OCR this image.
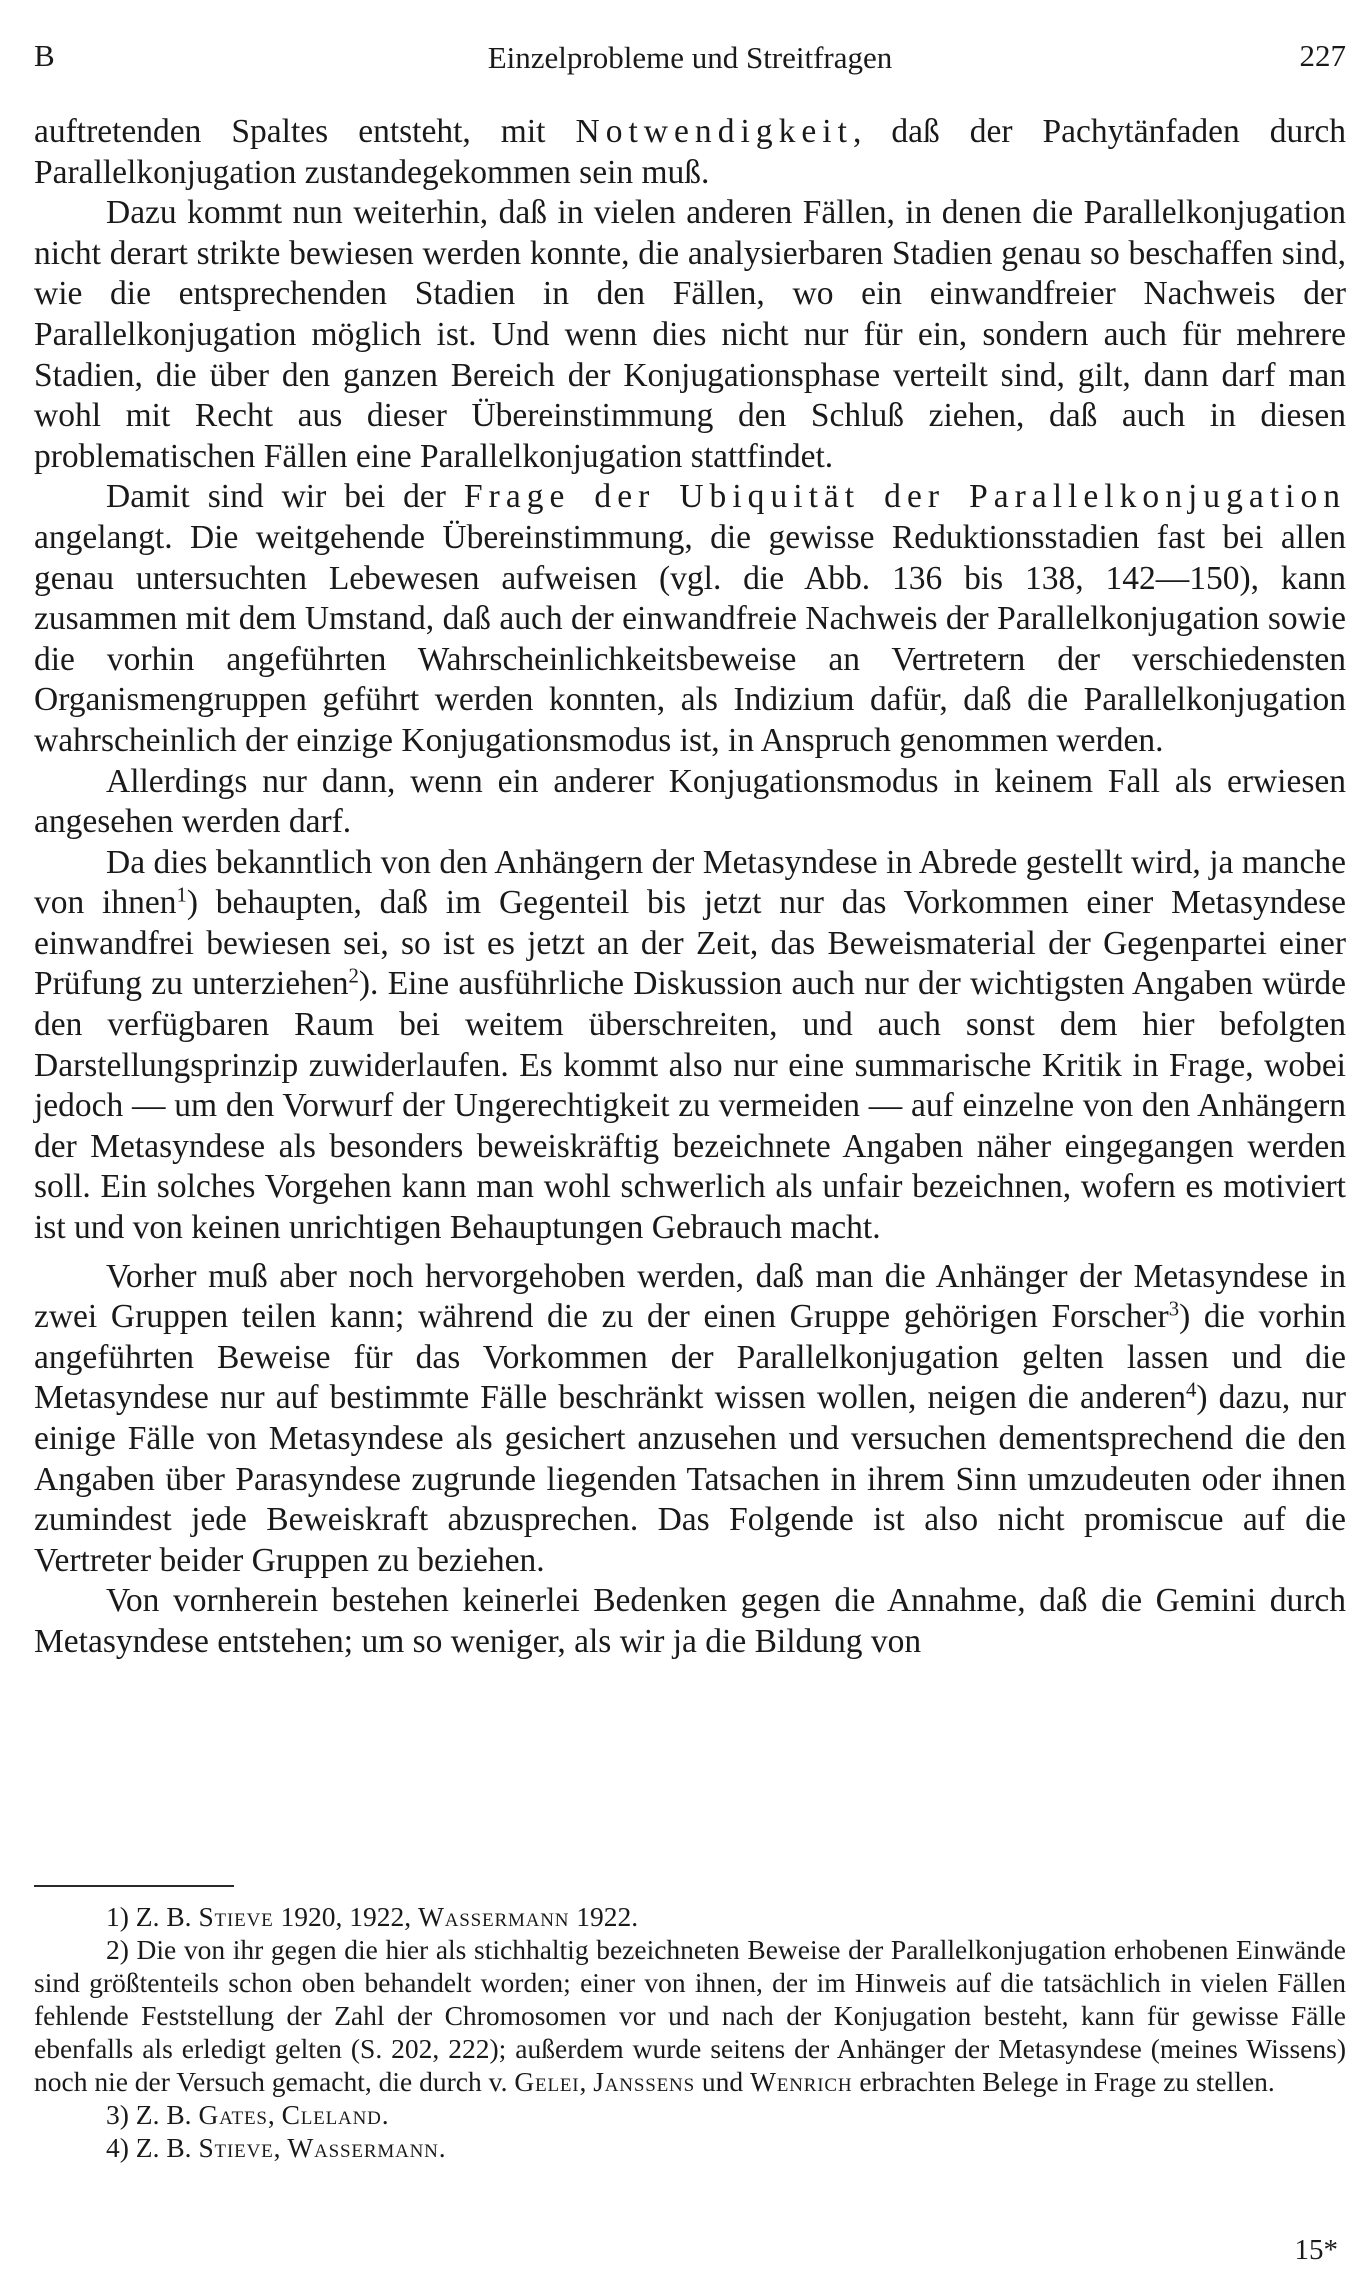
B	Einzelprobleme und Streitfragen	227

auftretenden Spaltes entsteht, mit Notwendigkeit, daß der Pachytänfaden durch Parallelkonjugation zustandegekommen sein muß.

Dazu kommt nun weiterhin, daß in vielen anderen Fällen, in denen die Parallelkonjugation nicht derart strikte bewiesen werden konnte, die analysierbaren Stadien genau so beschaffen sind, wie die entsprechenden Stadien in den Fällen, wo ein einwandfreier Nachweis der Parallelkonjugation möglich ist. Und wenn dies nicht nur für ein, sondern auch für mehrere Stadien, die über den ganzen Bereich der Konjugationsphase verteilt sind, gilt, dann darf man wohl mit Recht aus dieser Übereinstimmung den Schluß ziehen, daß auch in diesen problematischen Fällen eine Parallelkonjugation stattfindet.

Damit sind wir bei der Frage der Ubiquität der Parallelkonjugation angelangt. Die weitgehende Übereinstimmung, die gewisse Reduktionsstadien fast bei allen genau untersuchten Lebewesen aufweisen (vgl. die Abb. 136 bis 138, 142—150), kann zusammen mit dem Umstand, daß auch der einwandfreie Nachweis der Parallelkonjugation sowie die vorhin angeführten Wahrscheinlichkeitsbeweise an Vertretern der verschiedensten Organismengruppen geführt werden konnten, als Indizium dafür, daß die Parallelkonjugation wahrscheinlich der einzige Konjugationsmodus ist, in Anspruch genommen werden.

Allerdings nur dann, wenn ein anderer Konjugationsmodus in keinem Fall als erwiesen angesehen werden darf.

Da dies bekanntlich von den Anhängern der Metasyndese in Abrede gestellt wird, ja manche von ihnen$^1$) behaupten, daß im Gegenteil bis jetzt nur das Vorkommen einer Metasyndese einwandfrei bewiesen sei, so ist es jetzt an der Zeit, das Beweismaterial der Gegenpartei einer Prüfung zu unterziehen$^2$). Eine ausführliche Diskussion auch nur der wichtigsten Angaben würde den verfügbaren Raum bei weitem überschreiten, und auch sonst dem hier befolgten Darstellungsprinzip zuwiderlaufen. Es kommt also nur eine summarische Kritik in Frage, wobei jedoch — um den Vorwurf der Ungerechtigkeit zu vermeiden — auf einzelne von den Anhängern der Metasyndese als besonders beweiskräftig bezeichnete Angaben näher eingegangen werden soll. Ein solches Vorgehen kann man wohl schwerlich als unfair bezeichnen, wofern es motiviert ist und von keinen unrichtigen Behauptungen Gebrauch macht.

Vorher muß aber noch hervorgehoben werden, daß man die Anhänger der Metasyndese in zwei Gruppen teilen kann; während die zu der einen Gruppe gehörigen Forscher$^3$) die vorhin angeführten Beweise für das Vorkommen der Parallelkonjugation gelten lassen und die Metasyndese nur auf bestimmte Fälle beschränkt wissen wollen, neigen die anderen$^4$) dazu, nur einige Fälle von Metasyndese als gesichert anzusehen und versuchen dementsprechend die den Angaben über Parasyndese zugrunde liegenden Tatsachen in ihrem Sinn umzudeuten oder ihnen zumindest jede Beweiskraft abzusprechen. Das Folgende ist also nicht promiscue auf die Vertreter beider Gruppen zu beziehen.

Von vornherein bestehen keinerlei Bedenken gegen die Annahme, daß die Gemini durch Metasyndese entstehen; um so weniger, als wir ja die Bildung von

1) Z. B. Stieve 1920, 1922, Wassermann 1922.

2) Die von ihr gegen die hier als stichhaltig bezeichneten Beweise der Parallelkonjugation erhobenen Einwände sind größtenteils schon oben behandelt worden; einer von ihnen, der im Hinweis auf die tatsächlich in vielen Fällen fehlende Feststellung der Zahl der Chromosomen vor und nach der Konjugation besteht, kann für gewisse Fälle ebenfalls als erledigt gelten (S. 202, 222); außerdem wurde seitens der Anhänger der Metasyndese (meines Wissens) noch nie der Versuch gemacht, die durch v. Gelei, Janssens und Wenrich erbrachten Belege in Frage zu stellen.

3) Z. B. Gates, Cleland.

4) Z. B. Stieve, Wassermann.

15*
